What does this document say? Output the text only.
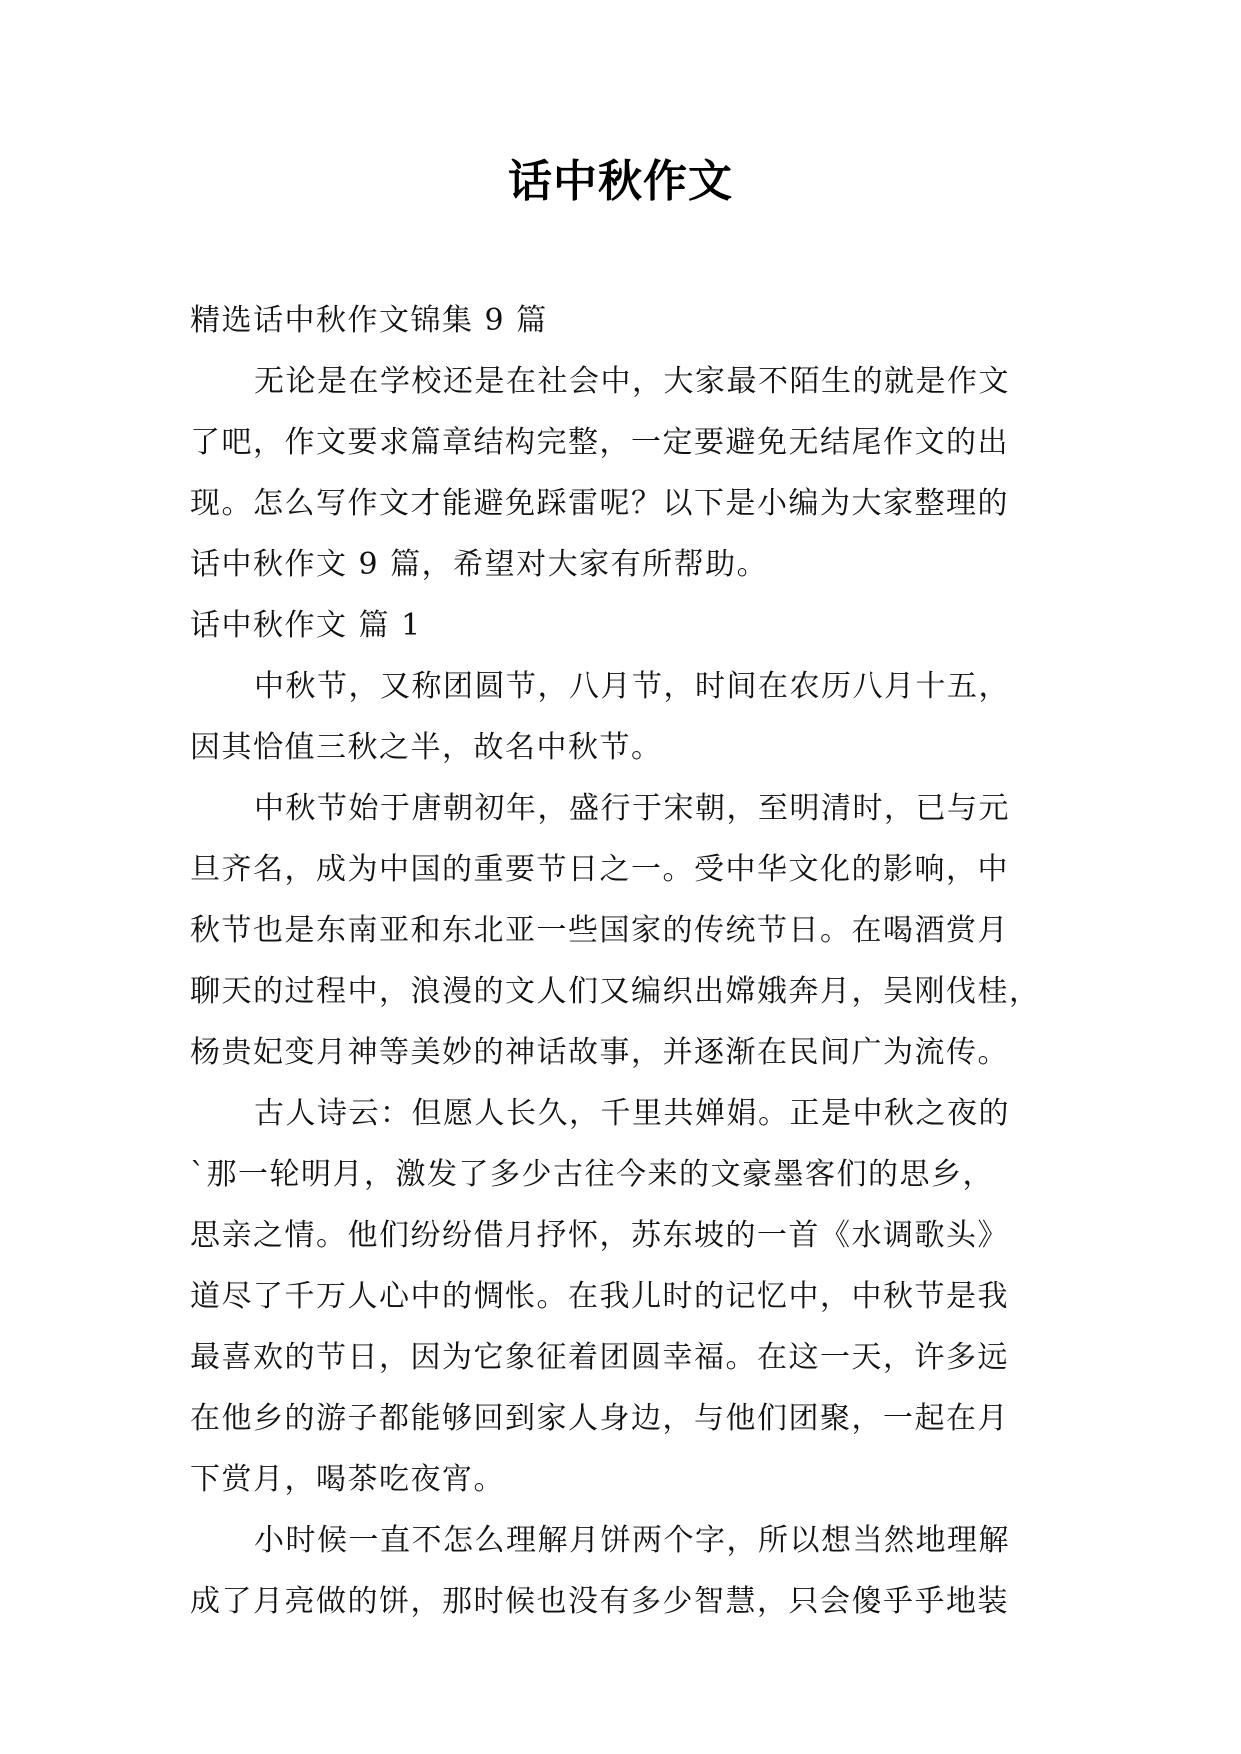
话中秋作文
精选话中秋作文锦集 9 篇
无论是在学校还是在社会中，大家最不陌生的就是作文
了吧，作文要求篇章结构完整，一定要避免无结尾作文的出
现。怎么写作文才能避免踩雷呢？以下是小编为大家整理的
话中秋作文 9 篇，希望对大家有所帮助。
话中秋作文 篇 1
中秋节，又称团圆节，八月节，时间在农历八月十五，
因其恰值三秋之半，故名中秋节。
中秋节始于唐朝初年，盛行于宋朝，至明清时，已与元
旦齐名，成为中国的重要节日之一。受中华文化的影响，中
秋节也是东南亚和东北亚一些国家的传统节日。在喝酒赏月
聊天的过程中，浪漫的文人们又编织出嫦娥奔月，吴刚伐桂，
杨贵妃变月神等美妙的神话故事，并逐渐在民间广为流传。
古人诗云：但愿人长久，千里共婵娟。正是中秋之夜的
`那一轮明月，激发了多少古往今来的文豪墨客们的思乡，
思亲之情。他们纷纷借月抒怀，苏东坡的一首《水调歌头》
道尽了千万人心中的惆怅。在我儿时的记忆中，中秋节是我
最喜欢的节日，因为它象征着团圆幸福。在这一天，许多远
在他乡的游子都能够回到家人身边，与他们团聚，一起在月
下赏月，喝茶吃夜宵。
小时候一直不怎么理解月饼两个字，所以想当然地理解
成了月亮做的饼，那时候也没有多少智慧，只会傻乎乎地装
